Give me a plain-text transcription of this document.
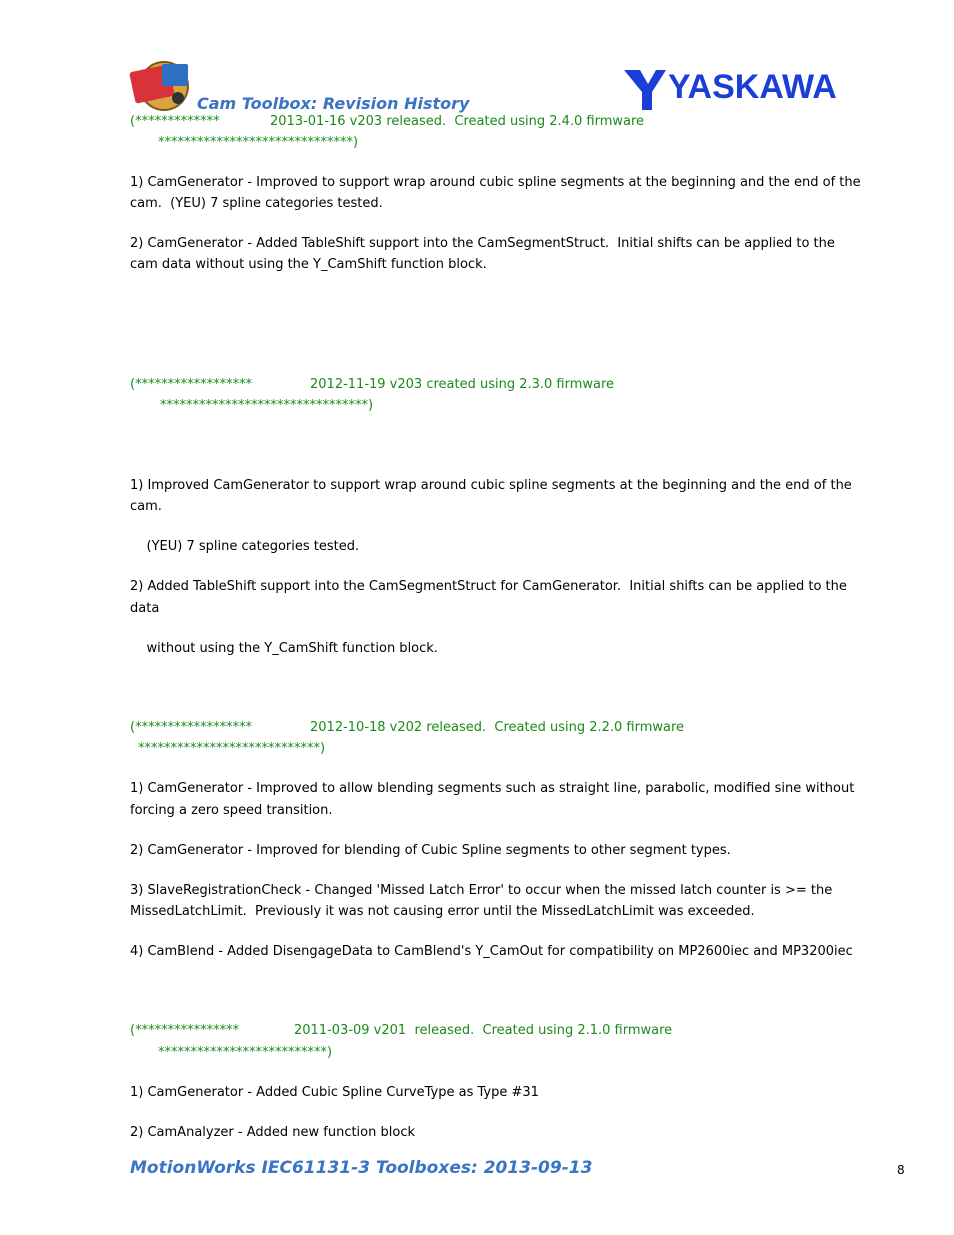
YASKAWA
Cam Toolbox: Revision History
(*************	2013-01-16 v203 released.  Created using 2.4.0 firmware
******************************)
1) CamGenerator - Improved to support wrap around cubic spline segments at the beginning and the end of the
cam.  (YEU) 7 spline categories tested.
2) CamGenerator - Added TableShift support into the CamSegmentStruct.  Initial shifts can be applied to the
cam data without using the Y_CamShift function block.
(******************	2012-11-19 v203 created using 2.3.0 firmware
********************************)
1) Improved CamGenerator to support wrap around cubic spline segments at the beginning and the end of the
cam.
(YEU) 7 spline categories tested.
2) Added TableShift support into the CamSegmentStruct for CamGenerator.  Initial shifts can be applied to the
data
without using the Y_CamShift function block.
(******************	2012-10-18 v202 released.  Created using 2.2.0 firmware
****************************)
1) CamGenerator - Improved to allow blending segments such as straight line, parabolic, modified sine without
forcing a zero speed transition.
2) CamGenerator - Improved for blending of Cubic Spline segments to other segment types.
3) SlaveRegistrationCheck - Changed 'Missed Latch Error' to occur when the missed latch counter is >= the
MissedLatchLimit.  Previously it was not causing error until the MissedLatchLimit was exceeded.
4) CamBlend - Added DisengageData to CamBlend's Y_CamOut for compatibility on MP2600iec and MP3200iec
(****************	2011-03-09 v201  released.  Created using 2.1.0 firmware
**************************)
1) CamGenerator - Added Cubic Spline CurveType as Type #31
2) CamAnalyzer - Added new function block
MotionWorks IEC61131-3 Toolboxes: 2013-09-13	8
